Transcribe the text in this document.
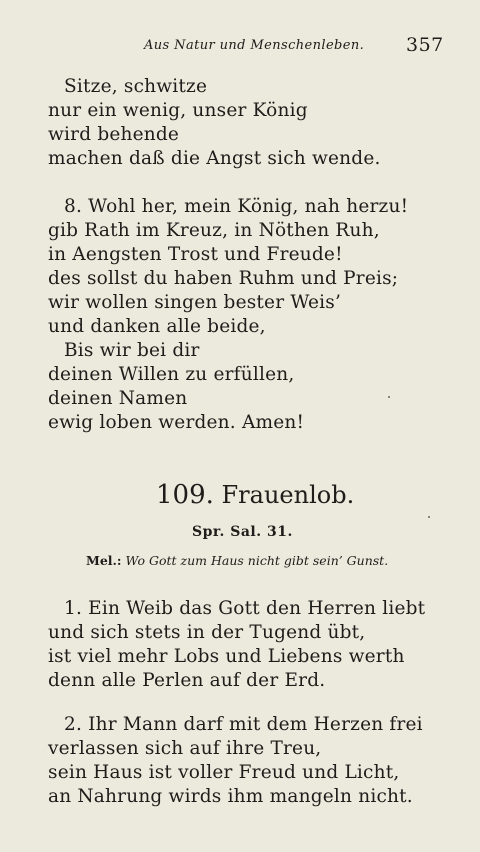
Aus Natur und Menschenleben. 357
Sitze, schwitze
nur ein wenig, unser König
wird behende
machen daß die Angst sich wende.
8. Wohl her, mein König, nah herzu!
gib Rath im Kreuz, in Nöthen Ruh,
in Aengsten Trost und Freude!
des sollst du haben Ruhm und Preis;
wir wollen singen bester Weis’
und danken alle beide,
Bis wir bei dir
deinen Willen zu erfüllen,
deinen Namen
ewig loben werden. Amen!
109. Frauenlob.
Spr. Sal. 31.
Mel.: Wo Gott zum Haus nicht gibt sein’ Gunst.
1. Ein Weib das Gott den Herren liebt
und sich stets in der Tugend übt,
ist viel mehr Lobs und Liebens werth
denn alle Perlen auf der Erd.
2. Ihr Mann darf mit dem Herzen frei
verlassen sich auf ihre Treu,
sein Haus ist voller Freud und Licht,
an Nahrung wirds ihm mangeln nicht.
